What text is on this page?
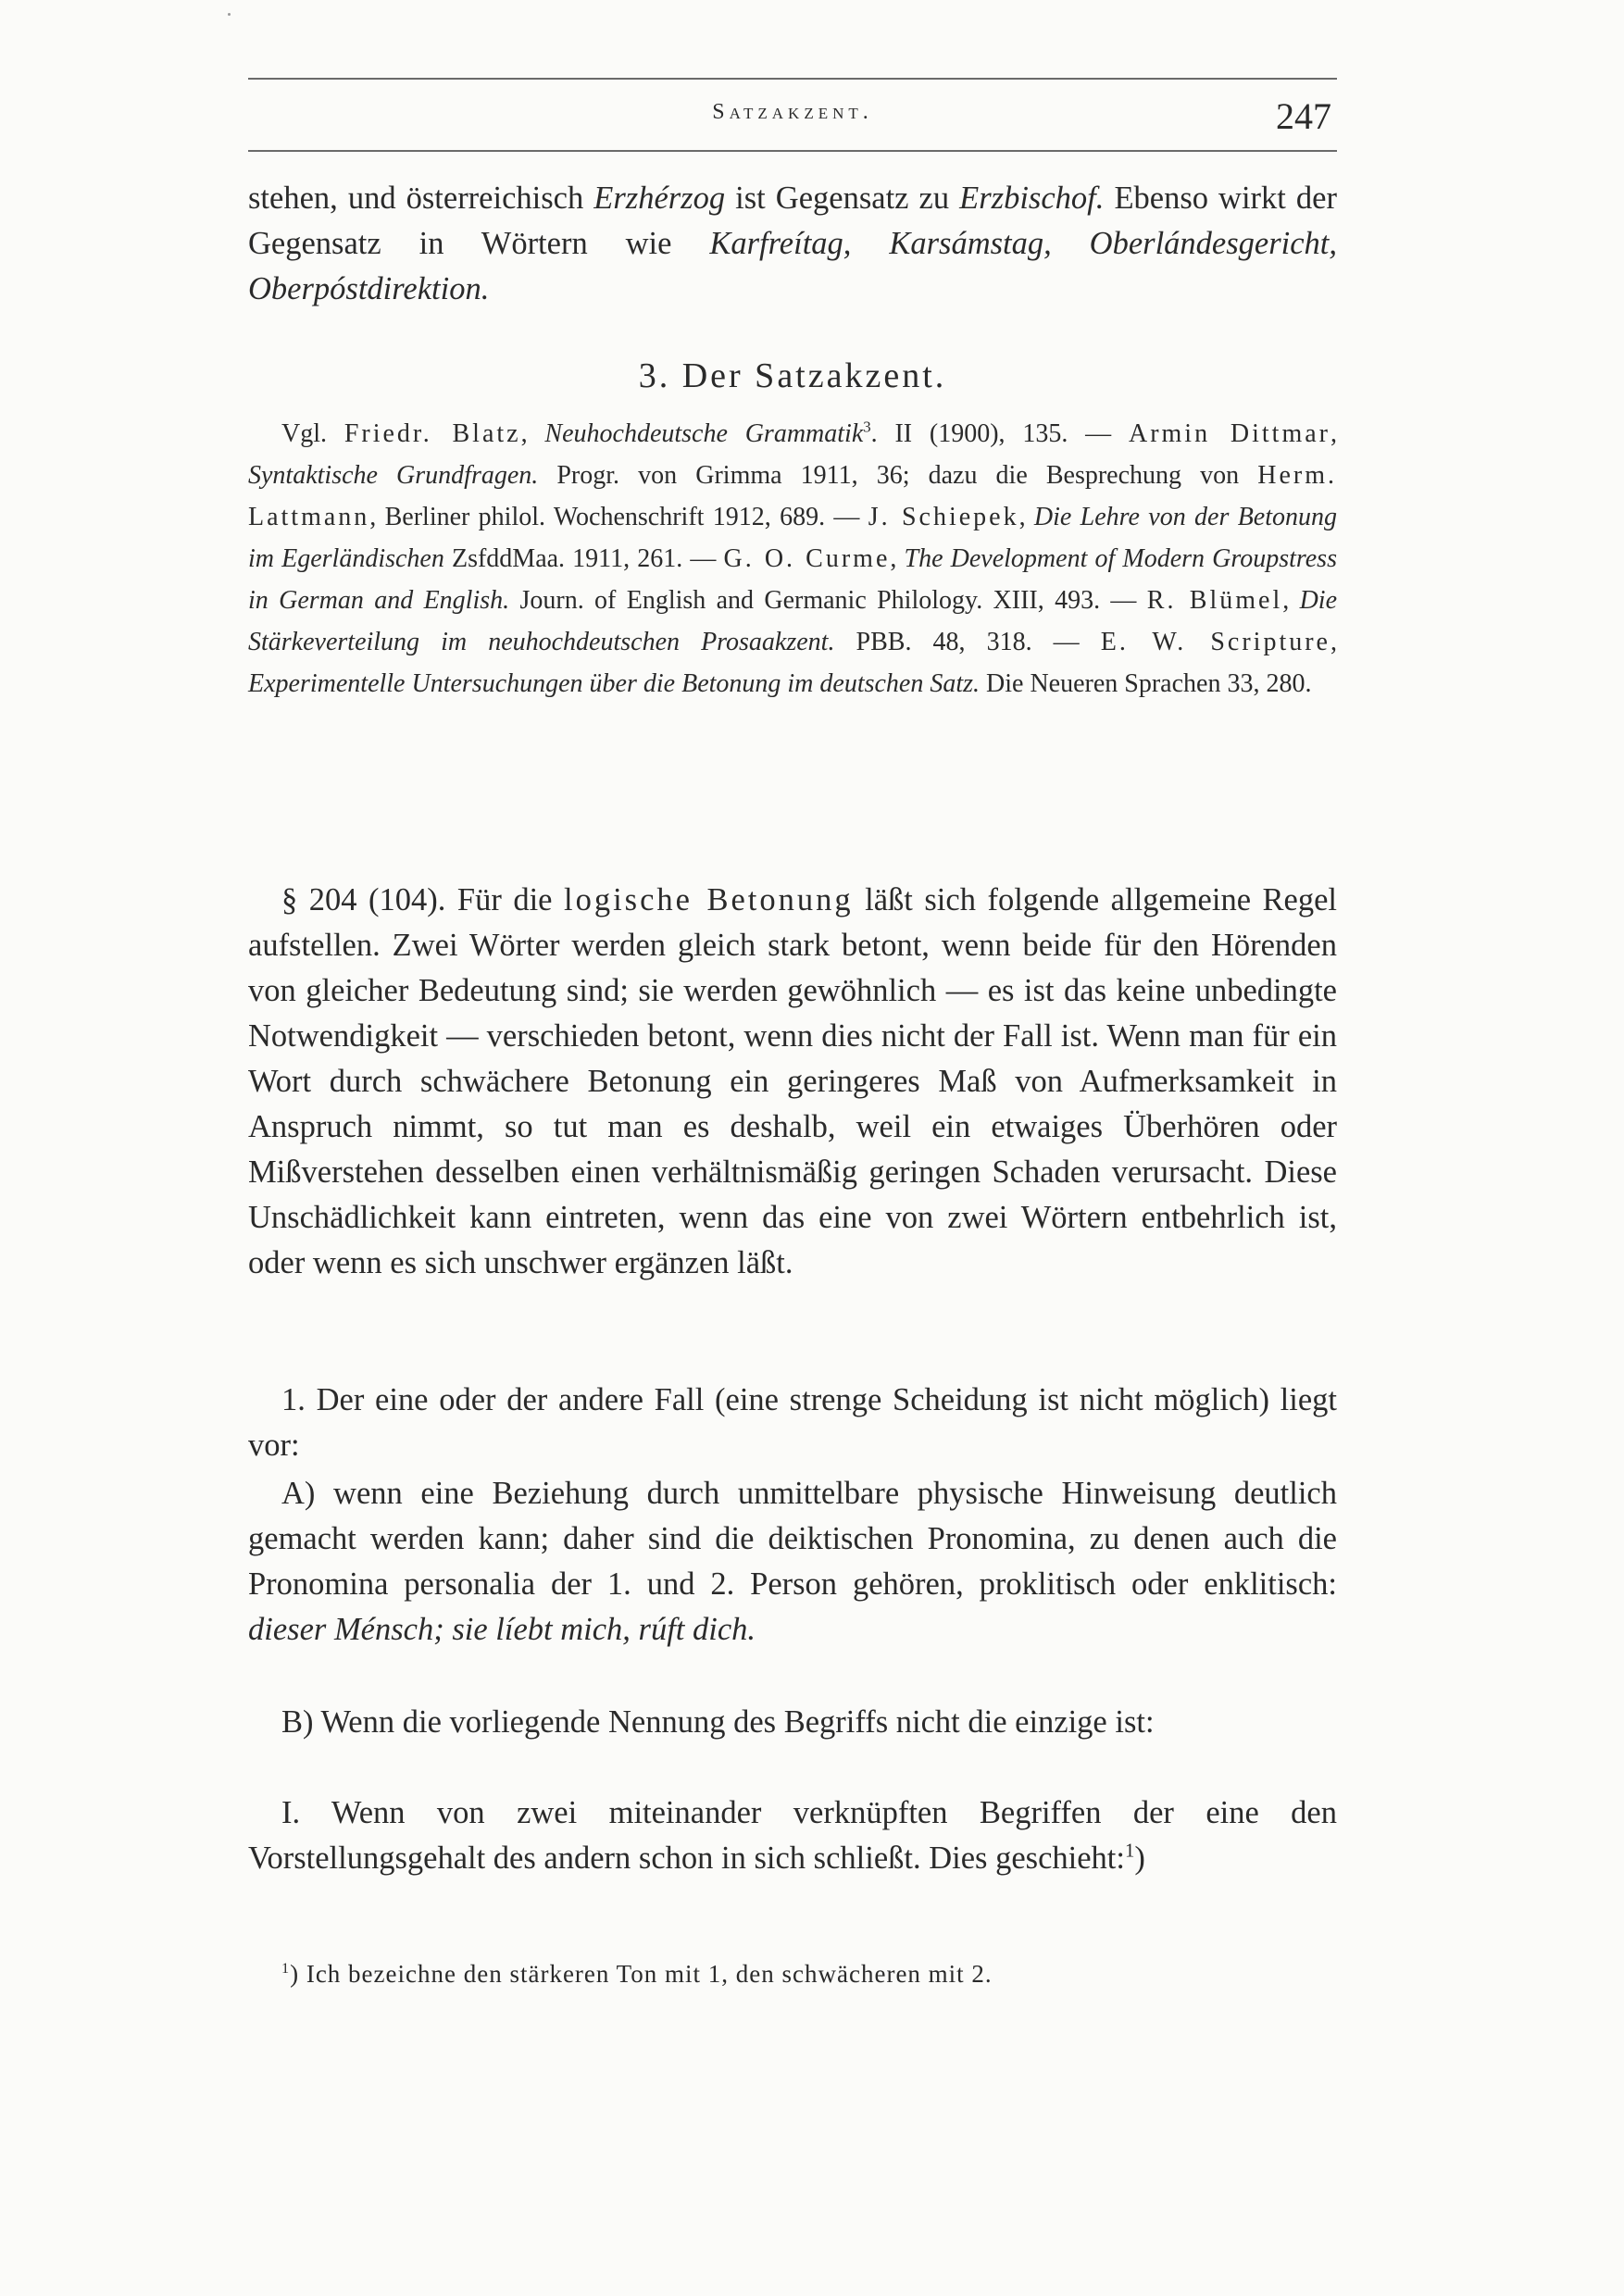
Satzakzent.	247

stehen, und österreichisch Erzhérzog ist Gegensatz zu Erzbischof. Ebenso wirkt der Gegensatz in Wörtern wie Karfreítag, Karsámstag, Oberlándesgericht, Oberpóstdirektion.

3. Der Satzakzent.

Vgl. Friedr. Blatz, Neuhochdeutsche Grammatik$^3$. II (1900), 135. — Armin Dittmar, Syntaktische Grundfragen. Progr. von Grimma 1911, 36; dazu die Besprechung von Herm. Lattmann, Berliner philol. Wochenschrift 1912, 689. — J. Schiepek, Die Lehre von der Betonung im Egerländischen ZsfddMaa. 1911, 261. — G. O. Curme, The Development of Modern Groupstress in German and English. Journ. of English and Germanic Philology. XIII, 493. — R. Blümel, Die Stärkeverteilung im neuhochdeutschen Prosaakzent. PBB. 48, 318. — E. W. Scripture, Experimentelle Untersuchungen über die Betonung im deutschen Satz. Die Neueren Sprachen 33, 280.

§ 204 (104). Für die logische Betonung läßt sich folgende allgemeine Regel aufstellen. Zwei Wörter werden gleich stark betont, wenn beide für den Hörenden von gleicher Bedeutung sind; sie werden gewöhnlich — es ist das keine unbedingte Notwendigkeit — verschieden betont, wenn dies nicht der Fall ist. Wenn man für ein Wort durch schwächere Betonung ein geringeres Maß von Aufmerksamkeit in Anspruch nimmt, so tut man es deshalb, weil ein etwaiges Überhören oder Mißverstehen desselben einen verhältnismäßig geringen Schaden verursacht. Diese Unschädlichkeit kann eintreten, wenn das eine von zwei Wörtern entbehrlich ist, oder wenn es sich unschwer ergänzen läßt.

1. Der eine oder der andere Fall (eine strenge Scheidung ist nicht möglich) liegt vor:

A) wenn eine Beziehung durch unmittelbare physische Hinweisung deutlich gemacht werden kann; daher sind die deiktischen Pronomina, zu denen auch die Pronomina personalia der 1. und 2. Person gehören, proklitisch oder enklitisch: dieser Ménsch; sie líebt mich, rúft dich.

B) Wenn die vorliegende Nennung des Begriffs nicht die einzige ist:

I. Wenn von zwei miteinander verknüpften Begriffen der eine den Vorstellungsgehalt des andern schon in sich schließt. Dies geschieht:$^1$)

$^1$) Ich bezeichne den stärkeren Ton mit 1, den schwächeren mit 2.
